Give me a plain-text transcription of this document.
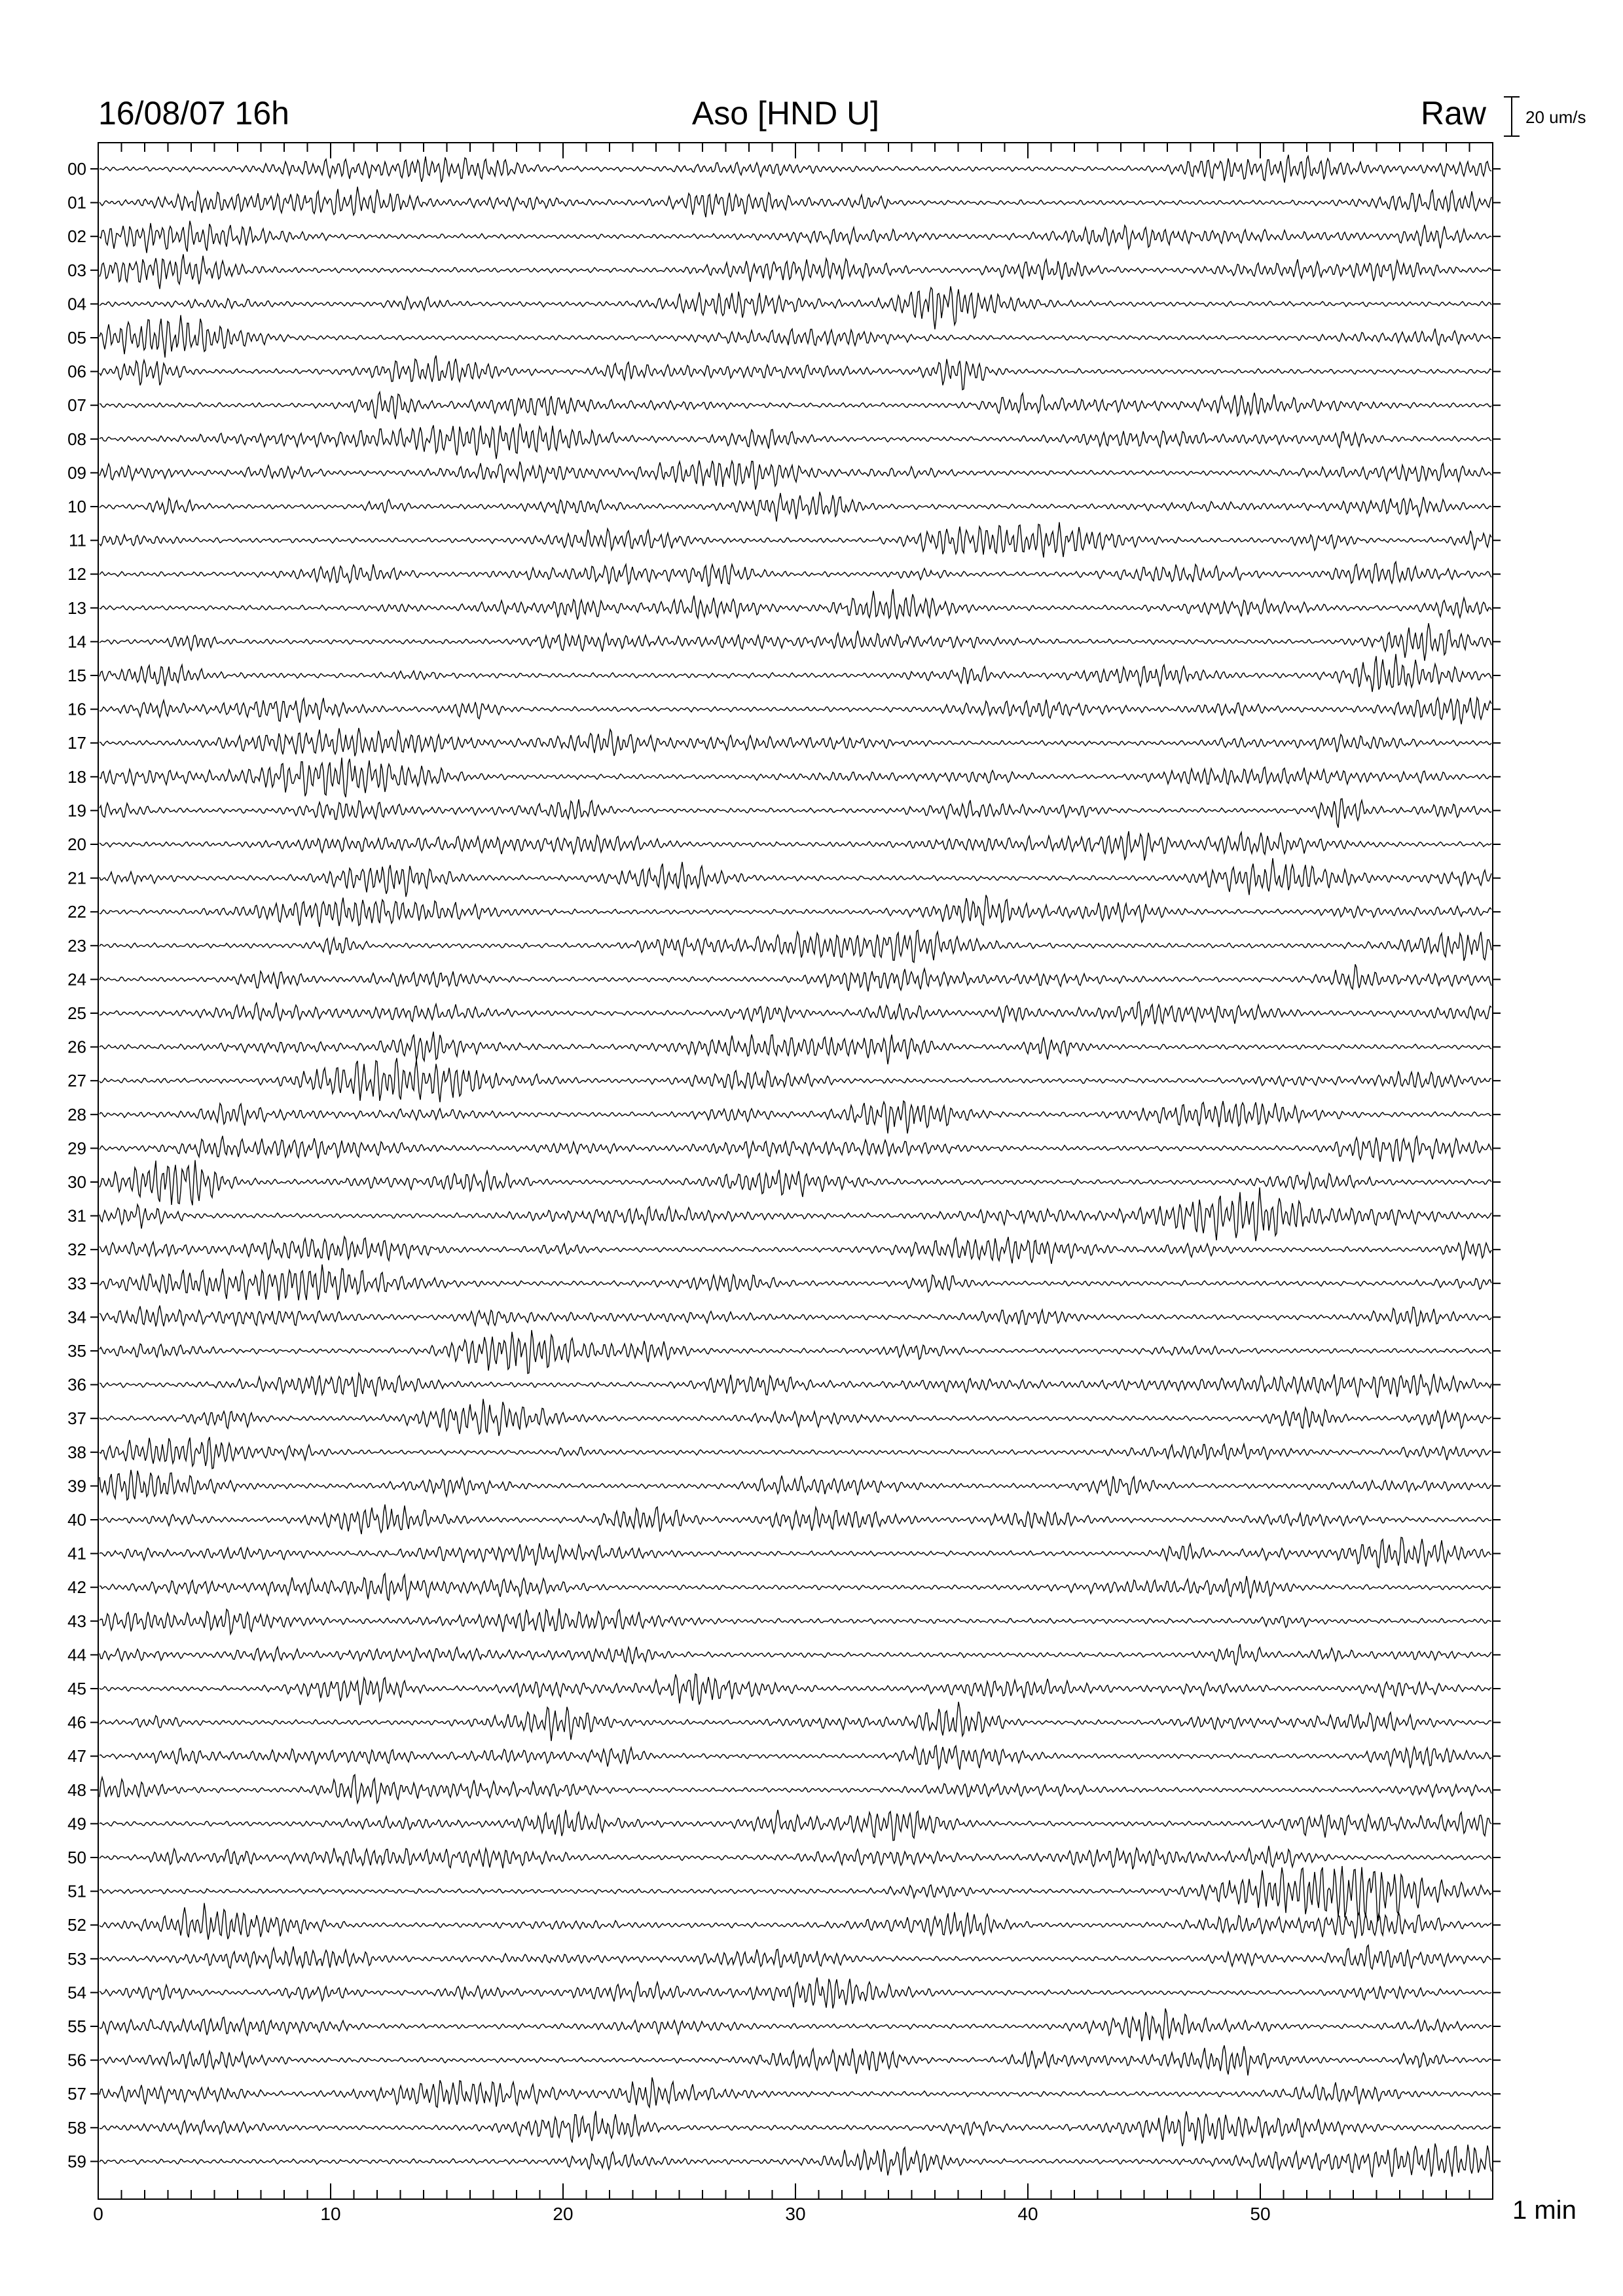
16/08/07 16h	Aso [HND U]	Raw 20 um/s
00
01
02
03
04
05
06
07
08
09
10
11
12
13
14
15
16
17
18
19
20
21
22
23
24
25
26
27
28
29
30
31
32
33
34
35
36
37
38
39
40
41
42
43
44
45
46
47
48
49
50
51
52
53
54
55
56
57
58
59
0	10	20	30	40	50	1 min
